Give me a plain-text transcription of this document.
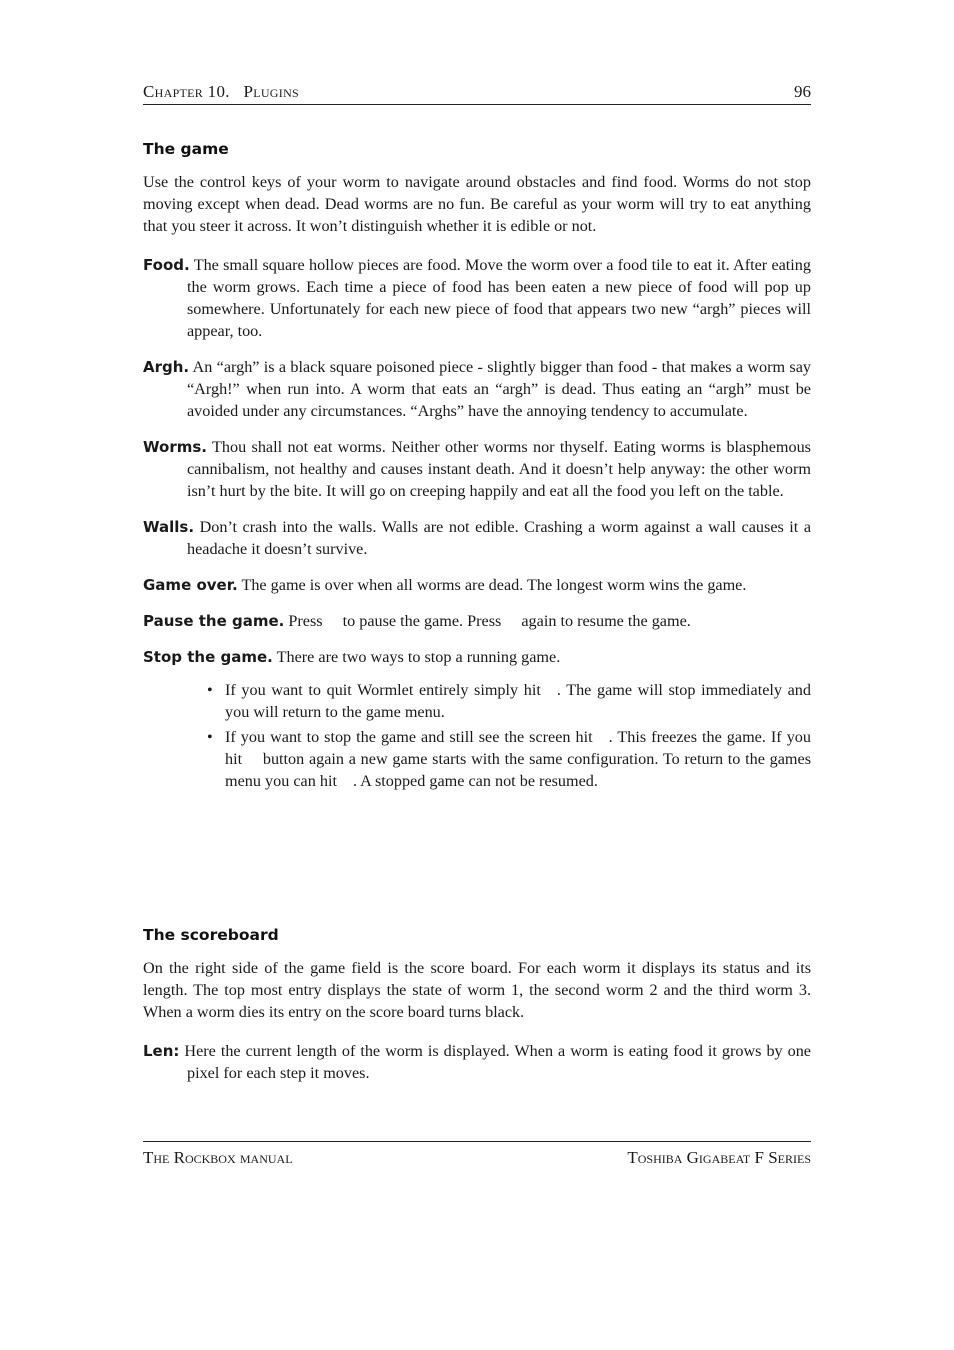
Chapter 10.   Plugins	96
The game

Use the control keys of your worm to navigate around obstacles and find food. Worms do not stop moving except when dead. Dead worms are no fun. Be careful as your worm will try to eat anything that you steer it across. It won’t distinguish whether it is edible or not.

Food. The small square hollow pieces are food. Move the worm over a food tile to eat it. After eating the worm grows. Each time a piece of food has been eaten a new piece of food will pop up somewhere. Unfortunately for each new piece of food that appears two new “argh” pieces will appear, too.

Argh. An “argh” is a black square poisoned piece - slightly bigger than food - that makes a worm say “Argh!” when run into. A worm that eats an “argh” is dead. Thus eating an “argh” must be avoided under any circumstances. “Arghs” have the annoying tendency to accumulate.

Worms. Thou shall not eat worms. Neither other worms nor thyself. Eating worms is blasphemous cannibalism, not healthy and causes instant death. And it doesn’t help anyway: the other worm isn’t hurt by the bite. It will go on creeping happily and eat all the food you left on the table.

Walls. Don’t crash into the walls. Walls are not edible. Crashing a worm against a wall causes it a headache it doesn’t survive.

Game over. The game is over when all worms are dead. The longest worm wins the game.

Pause the game. Press to pause the game. Press again to resume the game.

Stop the game. There are two ways to stop a running game.

• If you want to quit Wormlet entirely simply hit . The game will stop immediately and you will return to the game menu.
• If you want to stop the game and still see the screen hit . This freezes the game. If you hit button again a new game starts with the same configuration. To return to the games menu you can hit . A stopped game can not be resumed.
The scoreboard

On the right side of the game field is the score board. For each worm it displays its status and its length. The top most entry displays the state of worm 1, the second worm 2 and the third worm 3. When a worm dies its entry on the score board turns black.

Len: Here the current length of the worm is displayed. When a worm is eating food it grows by one pixel for each step it moves.

The Rockbox manual	Toshiba Gigabeat F Series
